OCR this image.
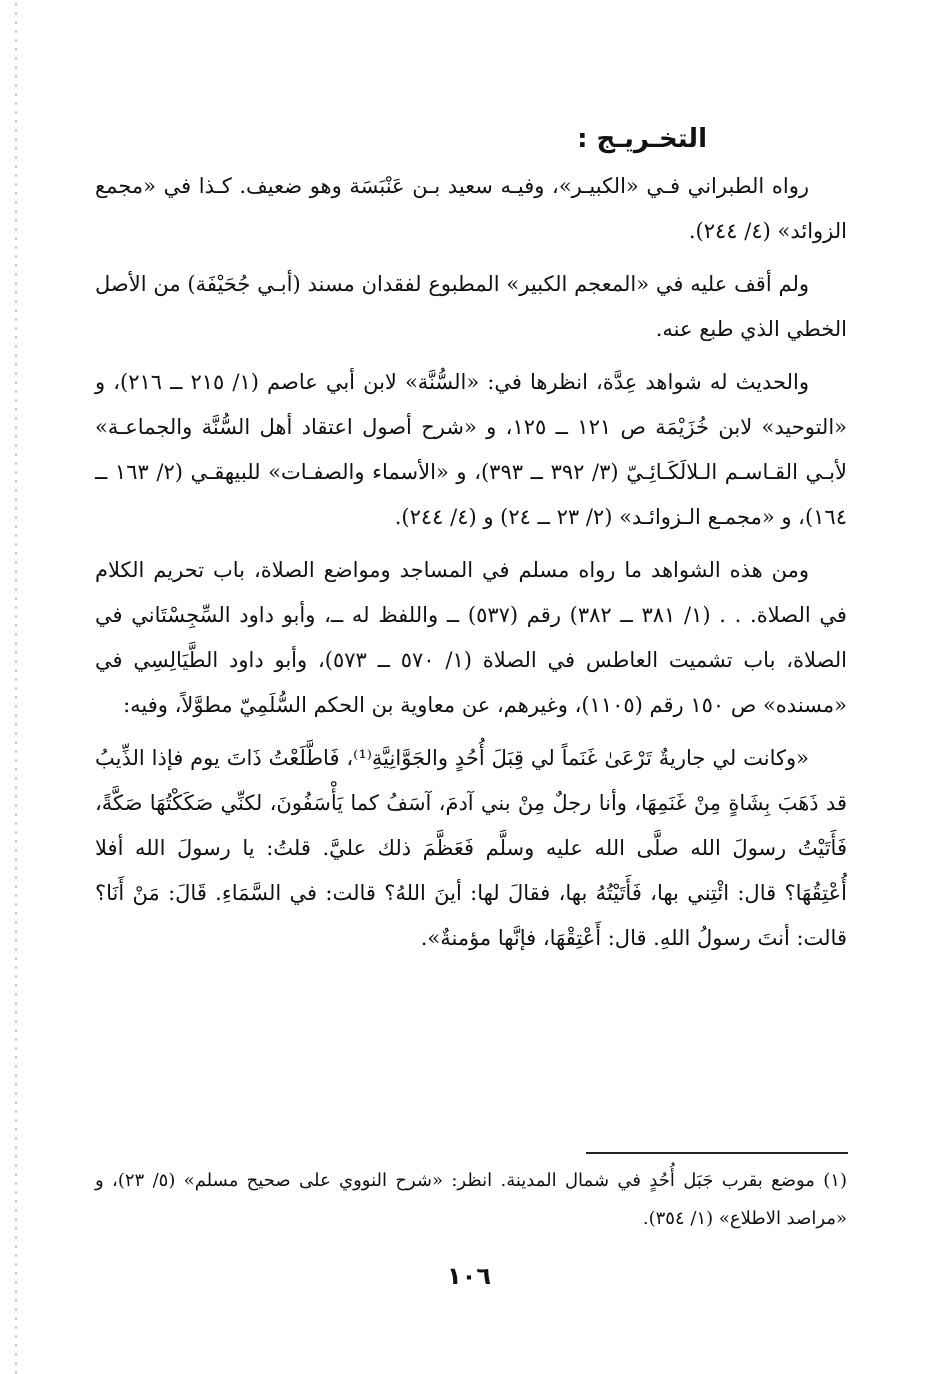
التخـريـج :

رواه الطبراني فـي «الكبيـر»، وفيـه سعيد بـن عَنْبَسَة وهو ضعيف. كـذا في «مجمع الزوائد» (٤/ ٢٤٤).

ولم أقف عليه في «المعجم الكبير» المطبوع لفقدان مسند (أبـي جُحَيْفَة) من الأصل الخطي الذي طبع عنه.

والحديث له شواهد عِدَّة، انظرها في: «السُّنَّة» لابن أبي عاصم (١/ ٢١٥ ــ ٢١٦)، و «التوحيد» لابن خُزَيْمَة ص ١٢١ ــ ١٢٥، و «شرح أصول اعتقاد أهل السُّنَّة والجماعـة» لأبـي القـاسـم الـلالَكَـائِـيّ (٣/ ٣٩٢ ــ ٣٩٣)، و «الأسماء والصفـات» للبيهقـي (٢/ ١٦٣ ــ ١٦٤)، و «مجمـع الـزوائـد» (٢/ ٢٣ ــ ٢٤) و (٤/ ٢٤٤).

ومن هذه الشواهد ما رواه مسلم في المساجد ومواضع الصلاة، باب تحريم الكلام في الصلاة. . . (١/ ٣٨١ ــ ٣٨٢) رقم (٥٣٧) ــ واللفظ له ــ، وأبو داود السِّجِسْتَاني في الصلاة، باب تشميت العاطس في الصلاة (١/ ٥٧٠ ــ ٥٧٣)، وأبو داود الطَّيَالِسِي في «مسنده» ص ١٥٠ رقم (١١٠٥)، وغيرهم، عن معاوية بن الحكم السُّلَمِيّ مطوَّلاً، وفيه:

«وكانت لي جاريةٌ تَرْعَىٰ غَنَماً لي قِبَلَ أُحُدٍ والجَوَّانِيَّةِ⁽¹⁾، فَاطَّلَعْتُ ذَاتَ يوم فإذا الذِّيبُ قد ذَهَبَ بِشَاةٍ مِنْ غَنَمِهَا، وأنا رجلٌ مِنْ بني آدمَ، آسَفُ كما يَأْسَفُونَ، لكنِّي صَكَكْتُهَا صَكَّةً، فَأَتَيْتُ رسولَ الله صلَّى الله عليه وسلَّم فَعَظَّمَ ذلك عليَّ. قلتُ: يا رسولَ الله أفلا أُعْتِقُهَا؟ قال: ائْتِني بها، فَأَتَيْتُهُ بها، فقالَ لها: أينَ اللهُ؟ قالت: في السَّمَاءِ. قَالَ: مَنْ أَنَا؟ قالت: أنتَ رسولُ اللهِ. قال: أَعْتِقْهَا، فإنَّها مؤمنةٌ».

(١) موضع بقرب جَبَل أُحُدٍ في شمال المدينة. انظر: «شرح النووي على صحيح مسلم» (٥/ ٢٣)، و «مراصد الاطلاع» (١/ ٣٥٤).
١٠٦
